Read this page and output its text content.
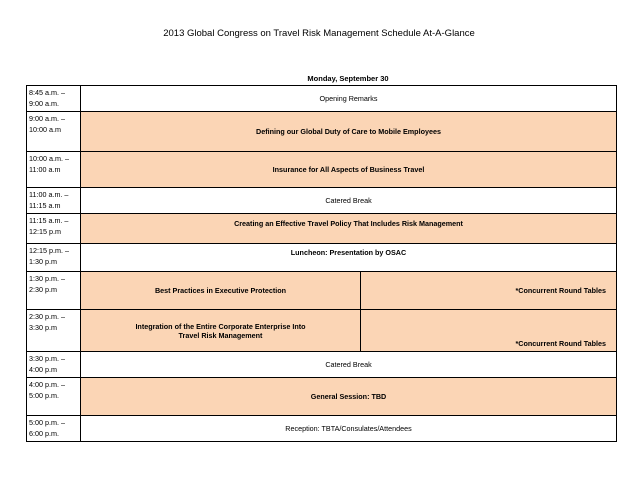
2013 Global Congress on Travel Risk Management Schedule At-A-Glance
Monday, September 30
8:45 a.m. –
9:00 a.m.	Opening Remarks	
9:00 a.m. –
10:00 a.m	Defining our Global Duty of Care to Mobile Employees	
10:00 a.m. –
11:00 a.m	Insurance for All Aspects of Business Travel	
11:00 a.m. –
11:15 a.m	Catered Break	
11:15 a.m. –
12:15 p.m	Creating an Effective Travel Policy That Includes Risk Management	
12:15 p.m. –
1:30 p.m	Luncheon: Presentation by OSAC	
1:30 p.m. –
2:30 p.m	Best Practices in Executive Protection	*Concurrent Round Tables
2:30 p.m. –
3:30 p.m	Integration of the Entire Corporate Enterprise Into
Travel Risk Management	*Concurrent Round Tables
3:30 p.m. –
4:00 p.m	Catered Break	
4:00 p.m. –
5:00 p.m.	General Session: TBD	
5:00 p.m. –
6:00 p.m.	Reception: TBTA/Consulates/Attendees	
